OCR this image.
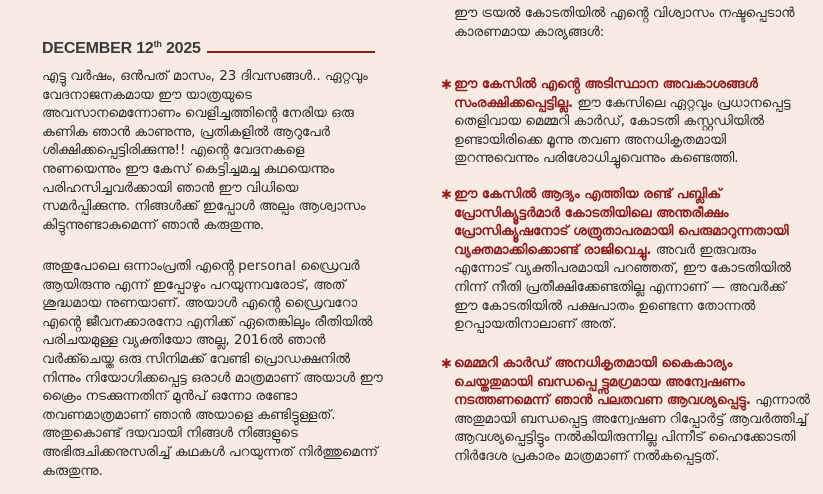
DECEMBER 12th 2025

എട്ടു വർഷം, ഒൻപത് മാസം, 23 ദിവസങ്ങൾ.. ഏറ്റവും വേദനാജനകമായ ഈ യാത്രയുടെ അവസാനമെന്നോണം വെളിച്ചത്തിൻ്റെ നേരിയ ഒരു കണിക ഞാൻ കാണുന്നു, പ്രതികളിൽ ആറുപേർ ശിക്ഷിക്കപ്പെട്ടിരിക്കുന്നു!! എൻ്റെ വേദനകളെ നുണയെന്നും ഈ കേസ് കെട്ടിച്ചമച്ച കഥയെന്നും പരിഹസിച്ചവർക്കായി ഞാൻ ഈ വിധിയെ സമർപ്പിക്കുന്നു. നിങ്ങൾക്ക് ഇപ്പോൾ അല്പം ആശ്വാസം കിട്ടുന്നുണ്ടാകുമെന്ന് ഞാൻ കരുതുന്നു.

അതുപോലെ ഒന്നാംപ്രതി എൻ്റെ personal ഡ്രൈവർ ആയിരുന്നു എന്ന് ഇപ്പോഴും പറയുന്നവരോട്, അത് ശുദ്ധമായ നുണയാണ്. അയാൾ എൻ്റെ ഡ്രൈവറോ എൻ്റെ ജീവനക്കാരനോ എനിക്ക് ഏതെങ്കിലും രീതിയിൽ പരിചയമുള്ള വ്യക്തിയോ അല്ല, 2016ൽ ഞാൻ വർക്ക്ചെയ്ത ഒരു സിനിമക്ക് വേണ്ടി പ്രൊഡക്ഷനിൽ നിന്നും നിയോഗിക്കപ്പെട്ട ഒരാൾ മാത്രമാണ് അയാൾ ഈ ക്രൈം നടക്കുന്നതിന് മുൻപ് ഒന്നോ രണ്ടോ തവണമാത്രമാണ് ഞാൻ അയാളെ കണ്ടിട്ടുള്ളത്. അതുകൊണ്ട് ദയവായി നിങ്ങൾ നിങ്ങളുടെ അഭിരുചിക്കനുസരിച്ച് കഥകൾ പറയുന്നത് നിർത്തുമെന്ന് കരുതുന്നു.

ഈ ട്രയൽ കോടതിയിൽ എൻ്റെ വിശ്വാസം നഷ്ടപ്പെടാൻ കാരണമായ കാര്യങ്ങൾ:

✱ ഈ കേസിൽ എൻ്റെ അടിസ്ഥാന അവകാശങ്ങൾ സംരക്ഷിക്കപ്പെട്ടില്ല. ഈ കേസിലെ ഏറ്റവും പ്രധാനപ്പെട്ട തെളിവായ മെമ്മറി കാർഡ്, കോടതി കസ്റ്റഡിയിൽ ഉണ്ടായിരിക്കെ മൂന്നു തവണ അനധികൃതമായി തുറന്നുവെന്നും പരിശോധിച്ചുവെന്നും കണ്ടെത്തി.

✱ ഈ കേസിൽ ആദ്യം എത്തിയ രണ്ട് പബ്ലിക് പ്രോസിക്യൂട്ടർമാർ കോടതിയിലെ അന്തരീക്ഷം പ്രോസിക്യൂഷനോട് ശത്രുതാപരമായി പെരുമാറുന്നതായി വ്യക്തമാക്കിക്കൊണ്ട് രാജിവെച്ചു. അവർ ഇരുവരും എന്നോട് വ്യക്തിപരമായി പറഞ്ഞത്, ഈ കോടതിയിൽ നിന്ന് നീതി പ്രതീക്ഷിക്കേണ്ടതില്ല എന്നാണ് — അവർക്ക് ഈ കോടതിയിൽ പക്ഷപാതം ഉണ്ടെന്ന തോന്നൽ ഉറപ്പായതിനാലാണ് അത്.

✱ മെമ്മറി കാർഡ് അനധികൃതമായി കൈകാര്യം ചെയ്തതുമായി ബന്ധപ്പെ ട്ട്സമഗ്രമായ അന്വേഷണം നടത്തണമെന്ന് ഞാൻ പലതവണ ആവശ്യപ്പെട്ടു. എന്നാൽ അതുമായി ബന്ധപ്പെട്ട അന്വേഷണ റിപ്പോർട്ട് ആവർത്തിച്ച് ആവശ്യപ്പെട്ടിട്ടും നൽകിയിരുന്നില്ല പിന്നീട് ഹൈക്കോടതി നിർദേശ പ്രകാരം മാത്രമാണ് നൽകപ്പെട്ടത്.
